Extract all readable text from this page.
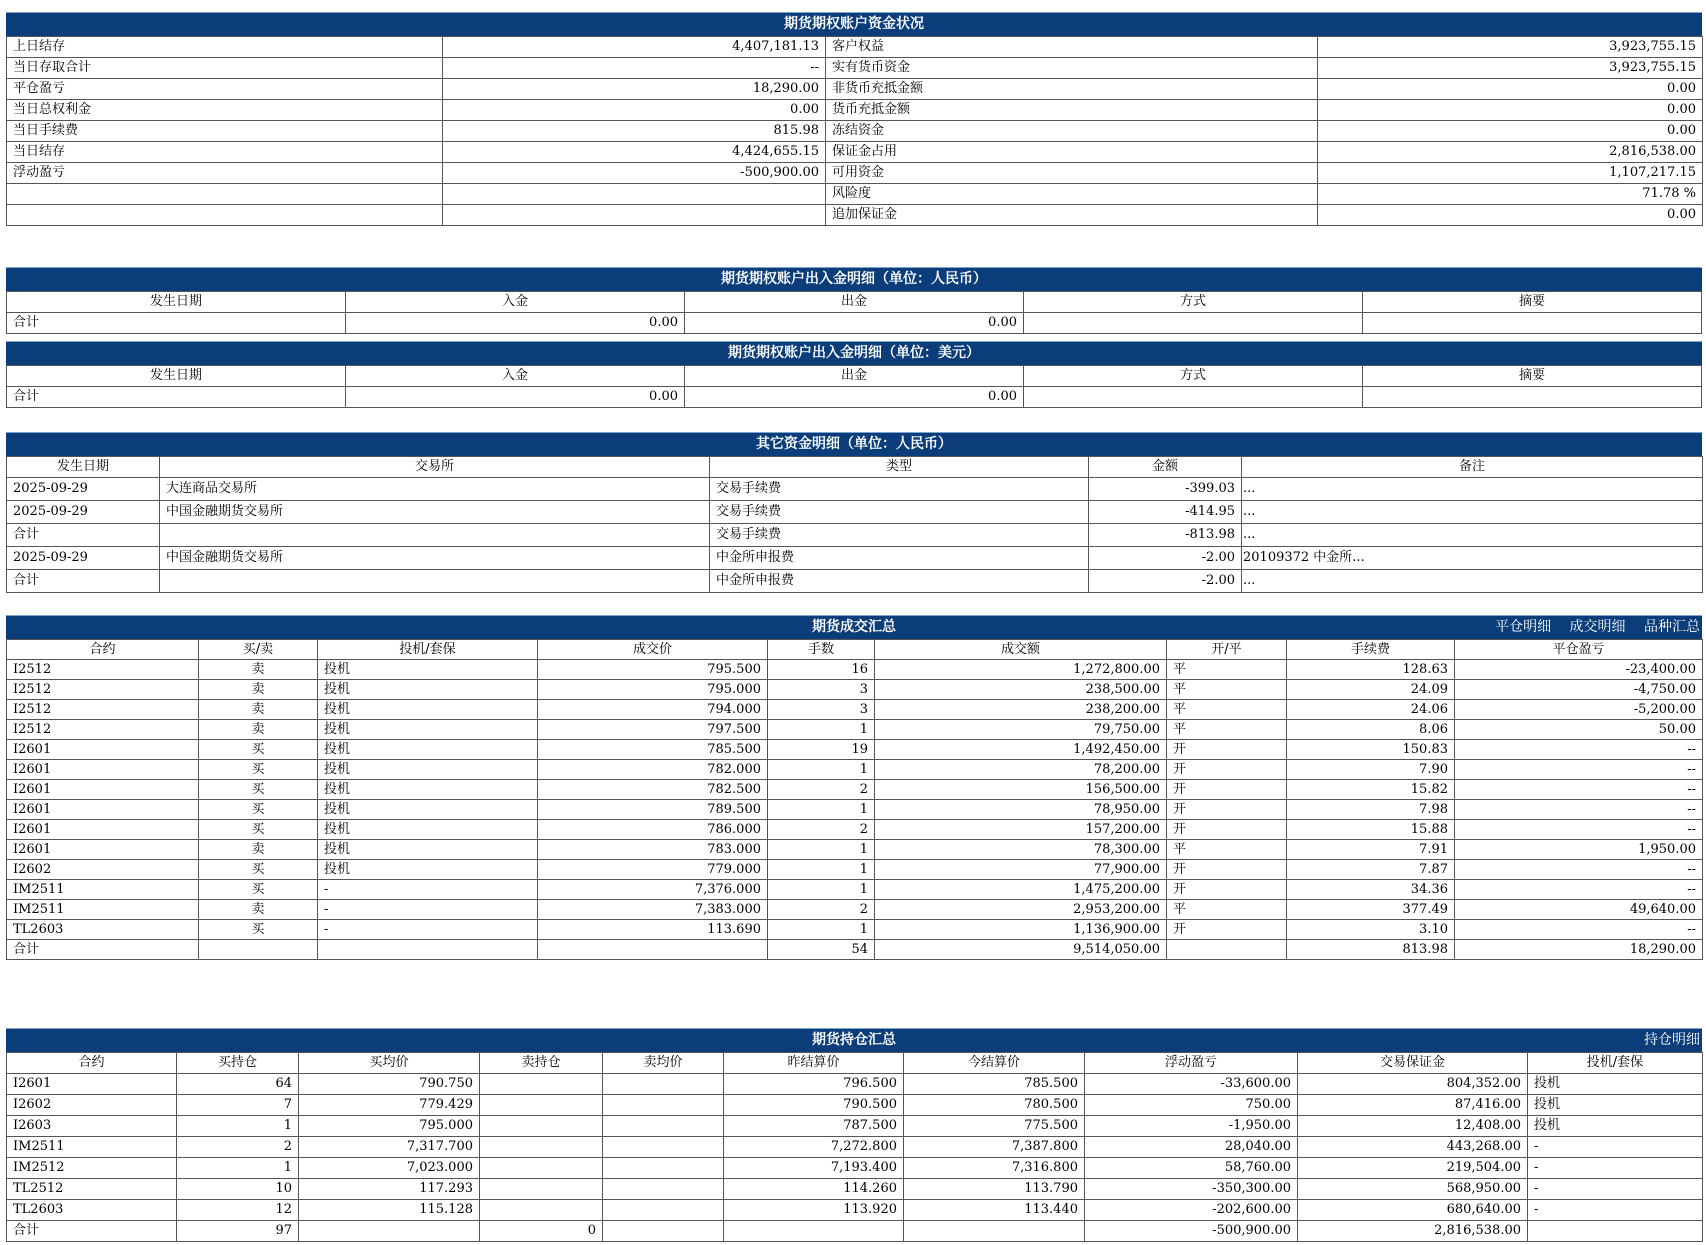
期货期权账户资金状况
上日结存	4,407,181.13	客户权益	3,923,755.15
当日存取合计	--	实有货币资金	3,923,755.15
平仓盈亏	18,290.00	非货币充抵金额	0.00
当日总权利金	0.00	货币充抵金额	0.00
当日手续费	815.98	冻结资金	0.00
当日结存	4,424,655.15	保证金占用	2,816,538.00
浮动盈亏	-500,900.00	可用资金	1,107,217.15
		风险度	71.78 %
		追加保证金	0.00
期货期权账户出入金明细（单位：人民币）
发生日期	入金	出金	方式	摘要
合计	0.00	0.00		
期货期权账户出入金明细（单位：美元）
发生日期	入金	出金	方式	摘要
合计	0.00	0.00		
其它资金明细（单位：人民币）
发生日期	交易所	类型	金额	备注
2025-09-29	大连商品交易所	交易手续费	-399.03	...
2025-09-29	中国金融期货交易所	交易手续费	-414.95	...
合计		交易手续费	-813.98	...
2025-09-29	中国金融期货交易所	中金所申报费	-2.00	20109372 中金所...
合计		中金所申报费	-2.00	...
期货成交汇总	平仓明细 成交明细 品种汇总
合约	买/卖	投机/套保	成交价	手数	成交额	开/平	手续费	平仓盈亏
I2512	卖	投机	795.500	16	1,272,800.00	平	128.63	-23,400.00
I2512	卖	投机	795.000	3	238,500.00	平	24.09	-4,750.00
I2512	卖	投机	794.000	3	238,200.00	平	24.06	-5,200.00
I2512	卖	投机	797.500	1	79,750.00	平	8.06	50.00
I2601	买	投机	785.500	19	1,492,450.00	开	150.83	--
I2601	买	投机	782.000	1	78,200.00	开	7.90	--
I2601	买	投机	782.500	2	156,500.00	开	15.82	--
I2601	买	投机	789.500	1	78,950.00	开	7.98	--
I2601	买	投机	786.000	2	157,200.00	开	15.88	--
I2601	卖	投机	783.000	1	78,300.00	平	7.91	1,950.00
I2602	买	投机	779.000	1	77,900.00	开	7.87	--
IM2511	买	-	7,376.000	1	1,475,200.00	开	34.36	--
IM2511	卖	-	7,383.000	2	2,953,200.00	平	377.49	49,640.00
TL2603	买	-	113.690	1	1,136,900.00	开	3.10	--
合计				54	9,514,050.00		813.98	18,290.00
期货持仓汇总	持仓明细
合约	买持仓	买均价	卖持仓	卖均价	昨结算价	今结算价	浮动盈亏	交易保证金	投机/套保
I2601	64	790.750			796.500	785.500	-33,600.00	804,352.00	投机
I2602	7	779.429			790.500	780.500	750.00	87,416.00	投机
I2603	1	795.000			787.500	775.500	-1,950.00	12,408.00	投机
IM2511	2	7,317.700			7,272.800	7,387.800	28,040.00	443,268.00	-
IM2512	1	7,023.000			7,193.400	7,316.800	58,760.00	219,504.00	-
TL2512	10	117.293			114.260	113.790	-350,300.00	568,950.00	-
TL2603	12	115.128			113.920	113.440	-202,600.00	680,640.00	-
合计	97		0				-500,900.00	2,816,538.00	
